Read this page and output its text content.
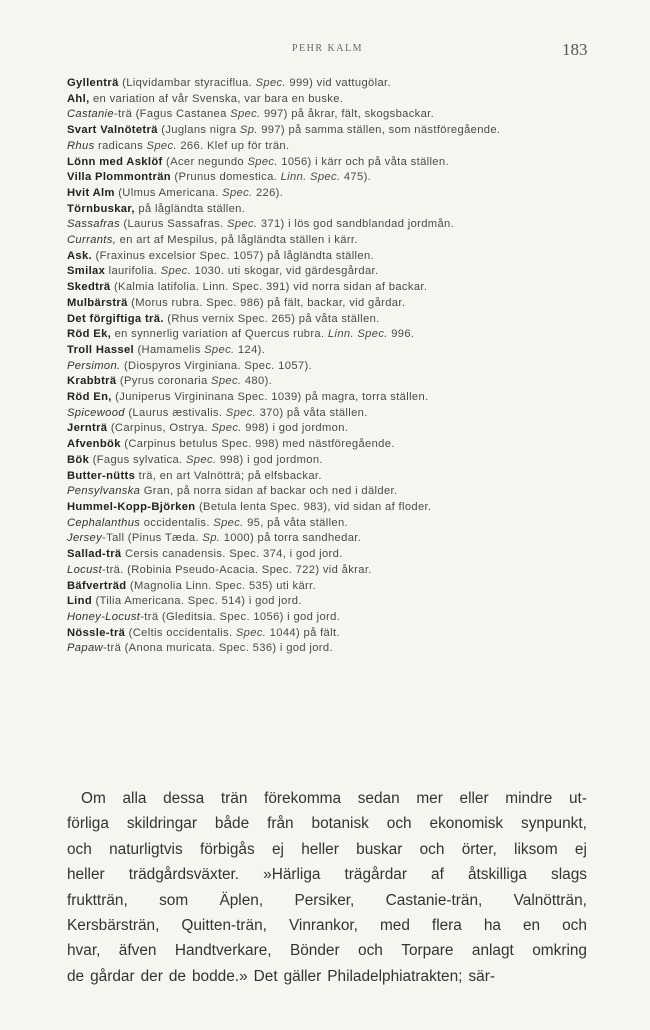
PEHR KALM	183
Gyllenträ (Liqvidambar styraciflua. Spec. 999) vid vattugölar.
Ahl, en variation af vår Svenska, var bara en buske.
Castanie-trä (Fagus Castanea Spec. 997) på åkrar, fält, skogsbackar.
Svart Valnöteträ (Juglans nigra Sp. 997) på samma ställen, som nästföregående.
Rhus radicans Spec. 266. Klef up för trän.
Lönn med Asklöf (Acer negundo Spec. 1056) i kärr och på våta ställen.
Villa Plommonträn (Prunus domestica. Linn. Spec. 475).
Hvit Alm (Ulmus Americana. Spec. 226).
Törnbuskar, på lågländta ställen.
Sassafras (Laurus Sassafras. Spec. 371) i lös god sandblandad jordmån.
Currants, en art af Mespilus, på lågländta ställen i kärr.
Ask. (Fraxinus excelsior Spec. 1057) på lågländta ställen.
Smilax laurifolia. Spec. 1030. uti skogar, vid gärdesgårdar.
Skedträ (Kalmia latifolia. Linn. Spec. 391) vid norra sidan af backar.
Mulbärsträ (Morus rubra. Spec. 986) på fält, backar, vid gårdar.
Det förgiftiga trä. (Rhus vernix Spec. 265) på våta ställen.
Röd Ek, en synnerlig variation af Quercus rubra. Linn. Spec. 996.
Troll Hassel (Hamamelis Spec. 124).
Persimon. (Diospyros Virginiana. Spec. 1057).
Krabbträ (Pyrus coronaria Spec. 480).
Röd En, (Juniperus Virgininana Spec. 1039) på magra, torra ställen.
Spicewood (Laurus æstivalis. Spec. 370) på våta ställen.
Jernträ (Carpinus, Ostrya. Spec. 998) i god jordmon.
Afvenbök (Carpinus betulus Spec. 998) med nästföregående.
Bök (Fagus sylvatica. Spec. 998) i god jordmon.
Butter-nütts trä, en art Valnötträ; på elfsbackar.
Pensylvanska Gran, på norra sidan af backar och ned i dälder.
Hummel-Kopp-Björken (Betula lenta Spec. 983), vid sidan af floder.
Cephalanthus occidentalis. Spec. 95, på våta ställen.
Jersey-Tall (Pinus Tæda. Sp. 1000) på torra sandhedar.
Sallad-trä Cersis canadensis. Spec. 374, i god jord.
Locust-trä. (Robinia Pseudo-Acacia. Spec. 722) vid åkrar.
Bäfverträd (Magnolia Linn. Spec. 535) uti kärr.
Lind (Tilia Americana. Spec. 514) i god jord.
Honey-Locust-trä (Gleditsia. Spec. 1056) i god jord.
Nössle-trä (Celtis occidentalis. Spec. 1044) på fält.
Papaw-trä (Anona muricata. Spec. 536) i god jord.
Om alla dessa trän förekomma sedan mer eller mindre ut-
förliga skildringar både från botanisk och ekonomisk synpunkt,
och naturligtvis förbigås ej heller buskar och örter, liksom ej
heller trädgårdsväxter. »Härliga trägårdar af åtskilliga slags
fruktträn, som Äplen, Persiker, Castanie-trän, Valnötträn,
Kersbärsträn, Quitten-trän, Vinrankor, med flera ha en och
hvar, äfven Handtverkare, Bönder och Torpare anlagt omkring
de gårdar der de bodde.» Det gäller Philadelphiatrakten; sär-
